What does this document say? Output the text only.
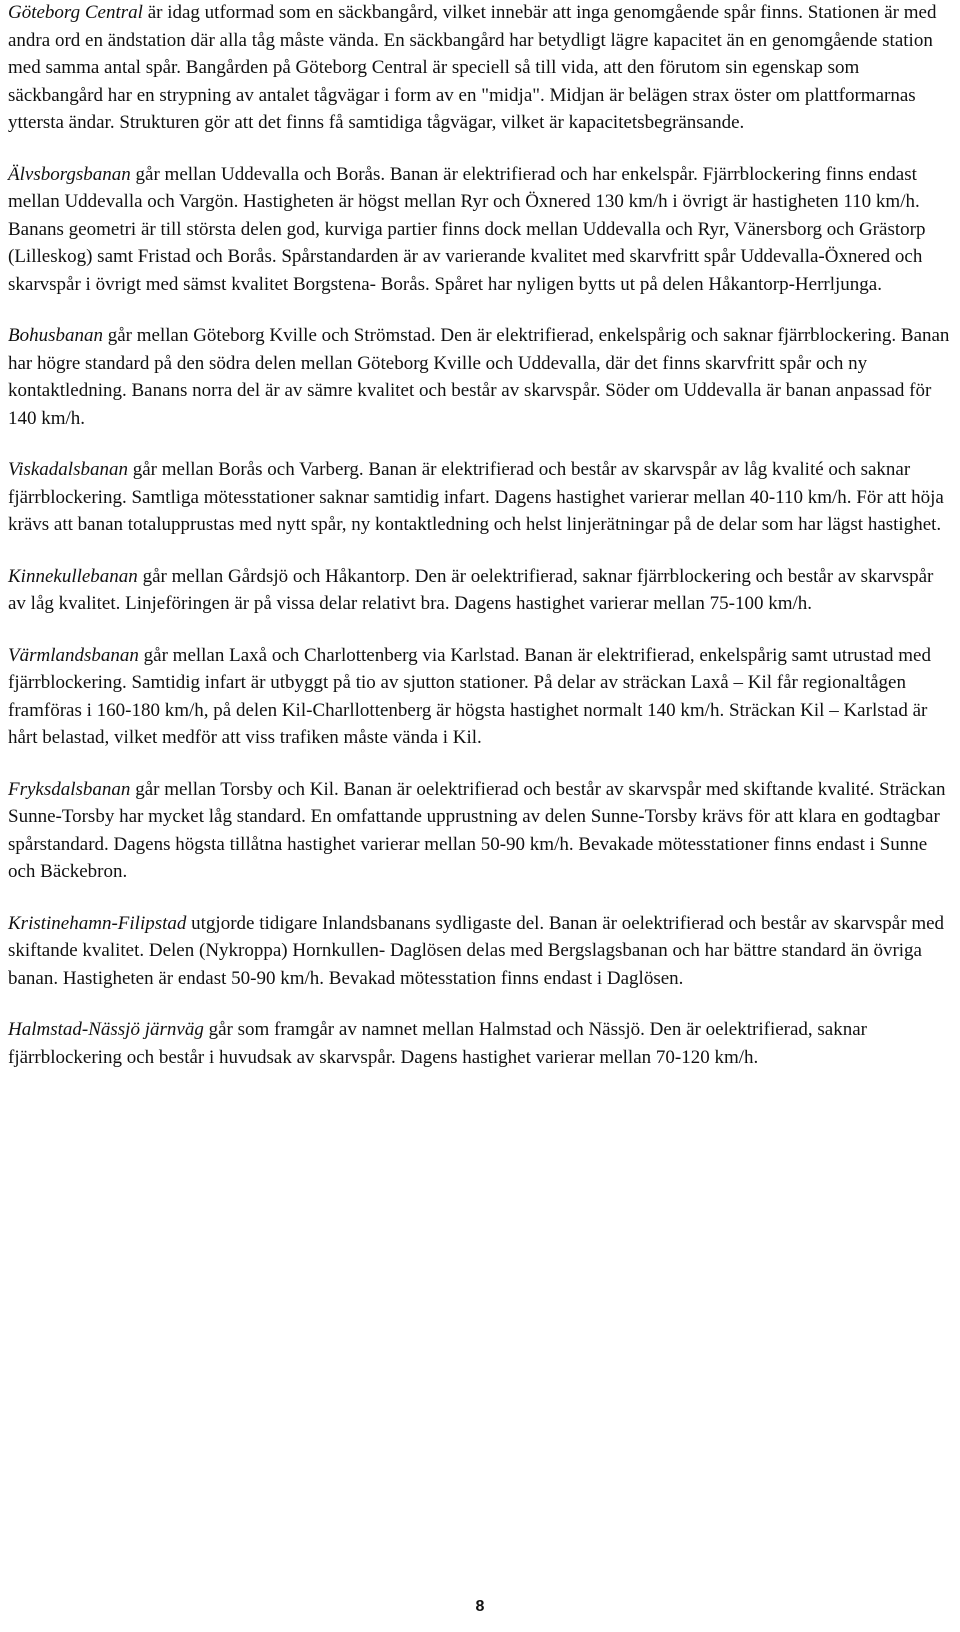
Göteborg Central är idag utformad som en säckbangård, vilket innebär att inga genomgående spår finns. Stationen är med andra ord en ändstation där alla tåg måste vända. En säckbangård har betydligt lägre kapacitet än en genomgående station med samma antal spår. Bangården på Göteborg Central är speciell så till vida, att den förutom sin egenskap som säckbangård har en strypning av antalet tågvägar i form av en "midja". Midjan är belägen strax öster om plattformarnas yttersta ändar. Strukturen gör att det finns få samtidiga tågvägar, vilket är kapacitetsbegränsande.

Älvsborgsbanan går mellan Uddevalla och Borås. Banan är elektrifierad och har enkelspår. Fjärrblockering finns endast mellan Uddevalla och Vargön. Hastigheten är högst mellan Ryr och Öxnered 130 km/h i övrigt är hastigheten 110 km/h. Banans geometri är till största delen god, kurviga partier finns dock mellan Uddevalla och Ryr, Vänersborg och Grästorp (Lilleskog) samt Fristad och Borås. Spårstandarden är av varierande kvalitet med skarvfritt spår Uddevalla-Öxnered och skarvspår i övrigt med sämst kvalitet Borgstena- Borås. Spåret har nyligen bytts ut på delen Håkantorp-Herrljunga.

Bohusbanan går mellan Göteborg Kville och Strömstad. Den är elektrifierad, enkelspårig och saknar fjärrblockering. Banan har högre standard på den södra delen mellan Göteborg Kville och Uddevalla, där det finns skarvfritt spår och ny kontaktledning. Banans norra del är av sämre kvalitet och består av skarvspår. Söder om Uddevalla är banan anpassad för 140 km/h.

Viskadalsbanan går mellan Borås och Varberg. Banan är elektrifierad och består av skarvspår av låg kvalité och saknar fjärrblockering. Samtliga mötesstationer saknar samtidig infart. Dagens hastighet varierar mellan 40-110 km/h. För att höja krävs att banan totalupprustas med nytt spår, ny kontaktledning och helst linjerätningar på de delar som har lägst hastighet.

Kinnekullebanan går mellan Gårdsjö och Håkantorp. Den är oelektrifierad, saknar fjärrblockering och består av skarvspår av låg kvalitet. Linjeföringen är på vissa delar relativt bra. Dagens hastighet varierar mellan 75-100 km/h.

Värmlandsbanan går mellan Laxå och Charlottenberg via Karlstad. Banan är elektrifierad, enkelspårig samt utrustad med fjärrblockering. Samtidig infart är utbyggt på tio av sjutton stationer. På delar av sträckan Laxå – Kil får regionaltågen framföras i 160-180 km/h, på delen Kil-Charllottenberg är högsta hastighet normalt 140 km/h. Sträckan Kil – Karlstad är hårt belastad, vilket medför att viss trafiken måste vända i Kil.

Fryksdalsbanan går mellan Torsby och Kil. Banan är oelektrifierad och består av skarvspår med skiftande kvalité. Sträckan Sunne-Torsby har mycket låg standard. En omfattande upprustning av delen Sunne-Torsby krävs för att klara en godtagbar spårstandard. Dagens högsta tillåtna hastighet varierar mellan 50-90 km/h. Bevakade mötesstationer finns endast i Sunne och Bäckebron.

Kristinehamn-Filipstad utgjorde tidigare Inlandsbanans sydligaste del. Banan är oelektrifierad och består av skarvspår med skiftande kvalitet. Delen (Nykroppa) Hornkullen- Daglösen delas med Bergslagsbanan och har bättre standard än övriga banan. Hastigheten är endast 50-90 km/h. Bevakad mötesstation finns endast i Daglösen.

Halmstad-Nässjö järnväg går som framgår av namnet mellan Halmstad och Nässjö. Den är oelektrifierad, saknar fjärrblockering och består i huvudsak av skarvspår. Dagens hastighet varierar mellan 70-120 km/h.

8
